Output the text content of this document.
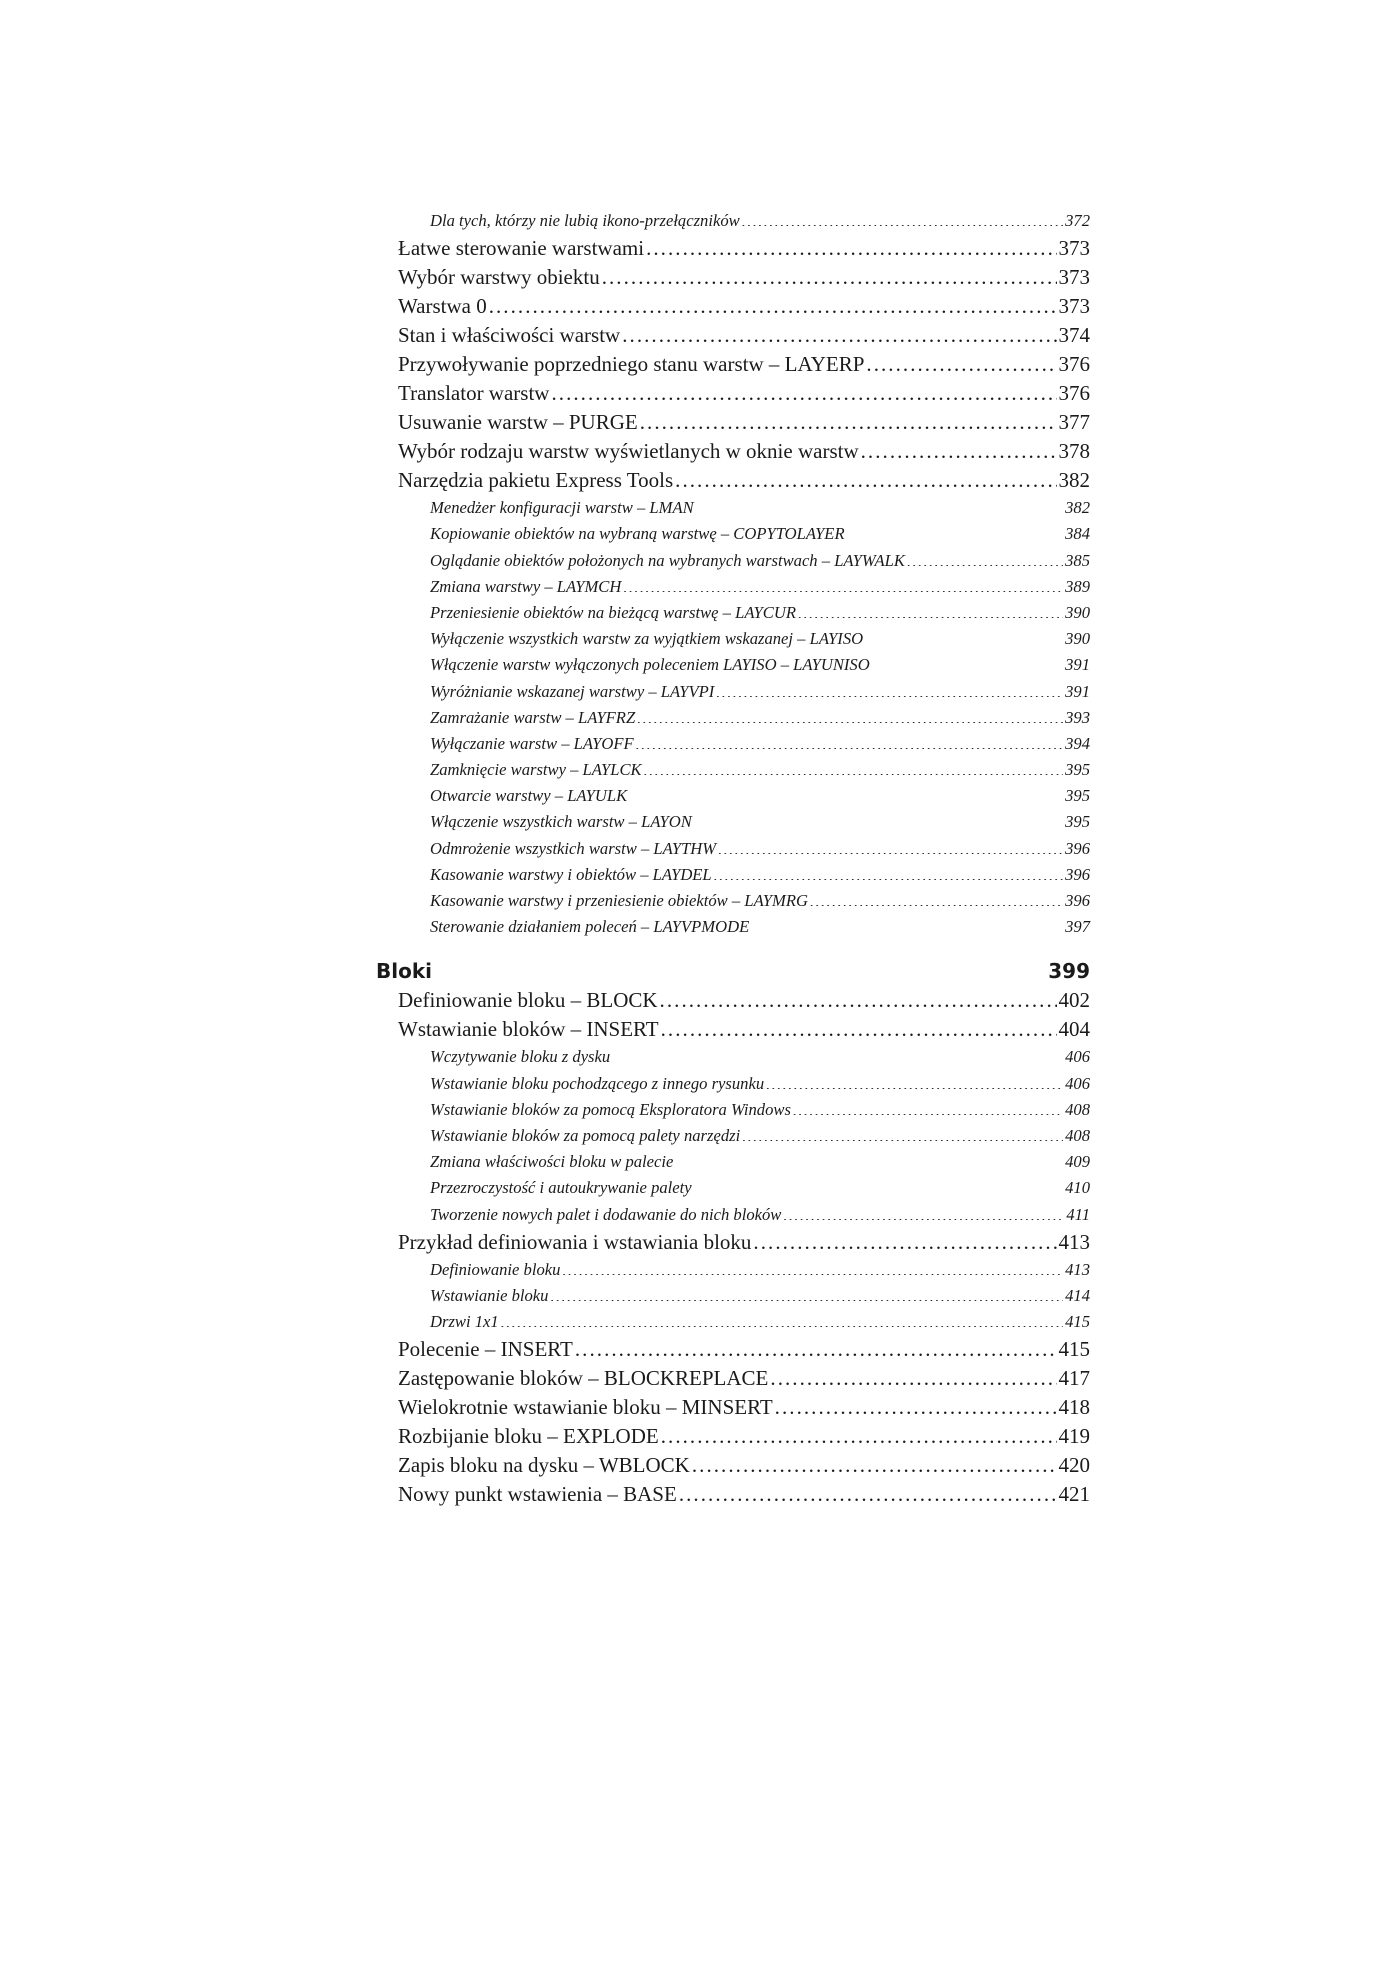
Dla tych, którzy nie lubią ikono-przełączników . . .	372
Łatwe sterowanie warstwami . . .	373
Wybór warstwy obiektu . . .	373
Warstwa 0 . . .	373
Stan i właściwości warstw . . .	374
Przywoływanie poprzedniego stanu warstw – LAYERP . . .	376
Translator warstw . . .	376
Usuwanie warstw – PURGE . . .	377
Wybór rodzaju warstw wyświetlanych w oknie warstw . . .	378
Narzędzia pakietu Express Tools . . .	382
Menedżer konfiguracji warstw – LMAN . . .	382
Kopiowanie obiektów na wybraną warstwę – COPYTOLAYER . . .	384
Oglądanie obiektów położonych na wybranych warstwach – LAYWALK . . .	385
Zmiana warstwy – LAYMCH . . .	389
Przeniesienie obiektów na bieżącą warstwę – LAYCUR . . .	390
Wyłączenie wszystkich warstw za wyjątkiem wskazanej – LAYISO . . .	390
Włączenie warstw wyłączonych poleceniem LAYISO – LAYUNISO . . .	391
Wyróżnianie wskazanej warstwy – LAYVPI . . .	391
Zamrażanie warstw – LAYFRZ . . .	393
Wyłączanie warstw – LAYOFF . . .	394
Zamknięcie warstwy – LAYLCK . . .	395
Otwarcie warstwy – LAYULK . . .	395
Włączenie wszystkich warstw – LAYON . . .	395
Odmrożenie wszystkich warstw – LAYTHW . . .	396
Kasowanie warstwy i obiektów – LAYDEL . . .	396
Kasowanie warstwy i przeniesienie obiektów – LAYMRG . . .	396
Sterowanie działaniem poleceń – LAYVPMODE . . .	397
Bloki	399
Definiowanie bloku – BLOCK . . .	402
Wstawianie bloków – INSERT . . .	404
Wczytywanie bloku z dysku . . .	406
Wstawianie bloku pochodzącego z innego rysunku . . .	406
Wstawianie bloków za pomocą Eksploratora Windows . . .	408
Wstawianie bloków za pomocą palety narzędzi . . .	408
Zmiana właściwości bloku w palecie . . .	409
Przezroczystość i autoukrywanie palety . . .	410
Tworzenie nowych palet i dodawanie do nich bloków . . .	411
Przykład definiowania i wstawiania bloku . . .	413
Definiowanie bloku . . .	413
Wstawianie bloku . . .	414
Drzwi 1x1 . . .	415
Polecenie – INSERT . . .	415
Zastępowanie bloków – BLOCKREPLACE . . .	417
Wielokrotnie wstawianie bloku – MINSERT . . .	418
Rozbijanie bloku – EXPLODE . . .	419
Zapis bloku na dysku – WBLOCK . . .	420
Nowy punkt wstawienia – BASE . . .	421
